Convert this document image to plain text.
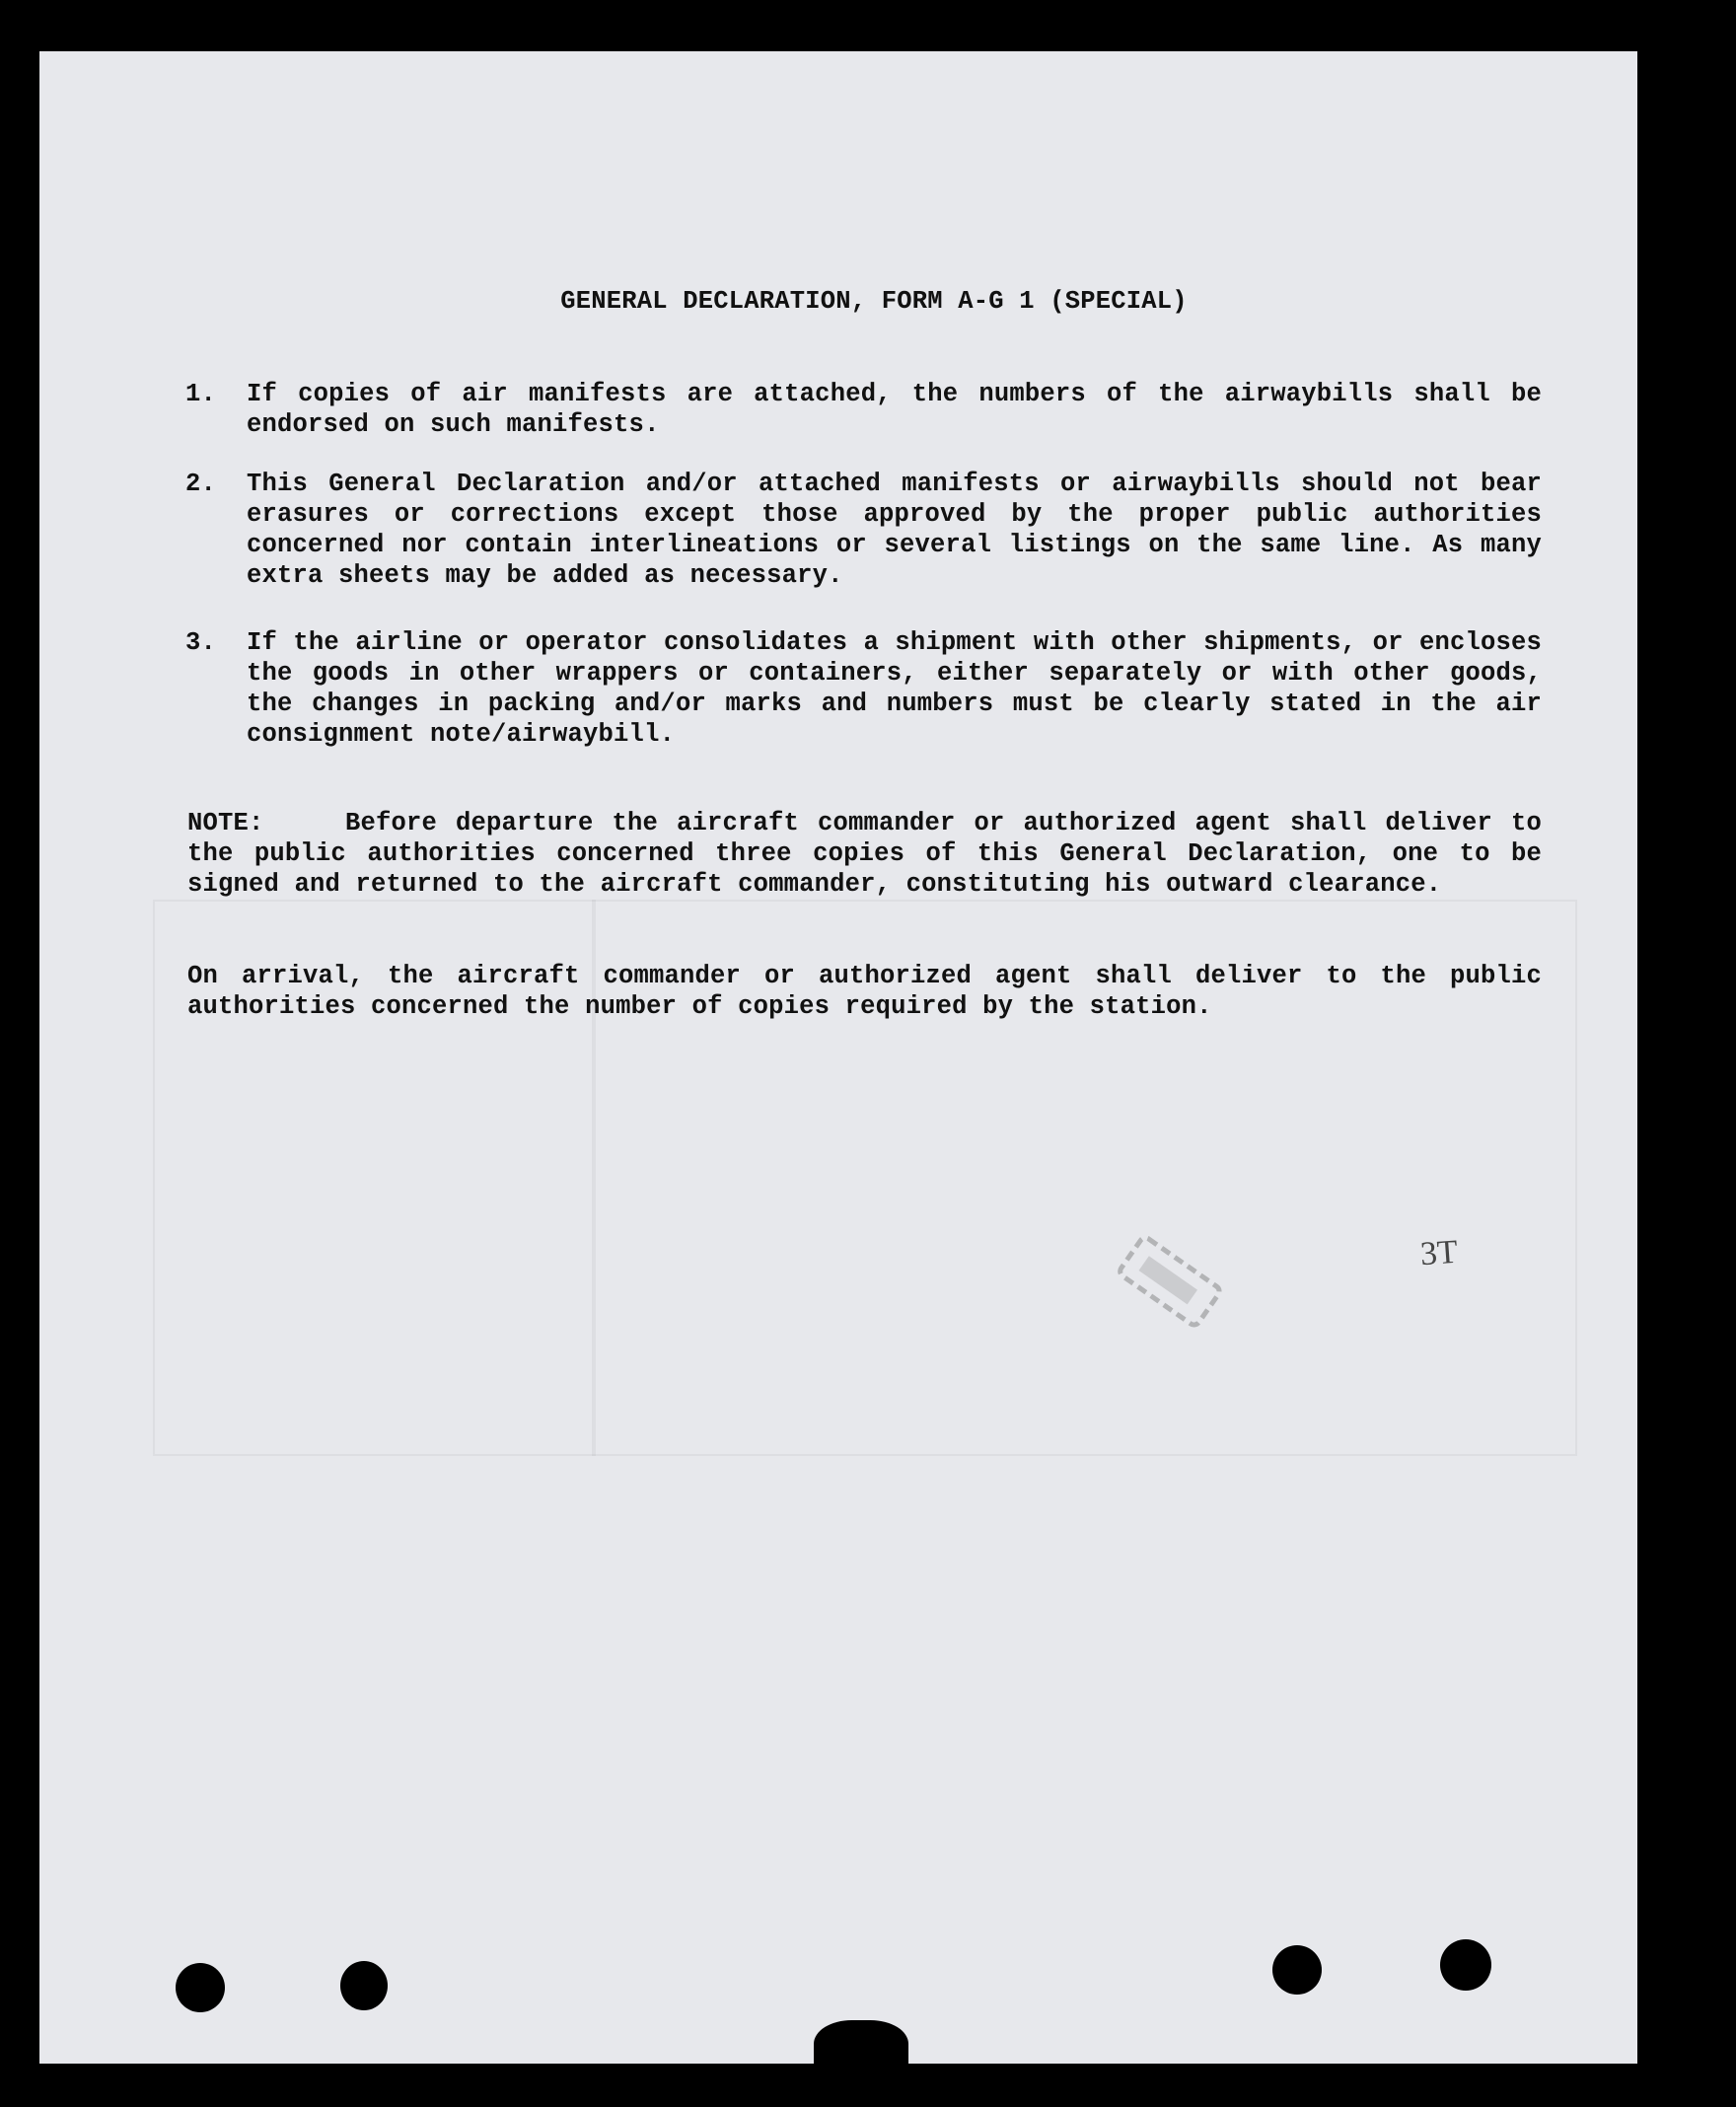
GENERAL DECLARATION, FORM A-G 1 (SPECIAL)
1.	If copies of air manifests are attached, the numbers of the airwaybills shall be endorsed on such manifests.
2.	This General Declaration and/or attached manifests or airwaybills should not bear erasures or corrections except those approved by the proper public authorities concerned nor contain interlineations or several listings on the same line. As many extra sheets may be added as necessary.
3.	If the airline or operator consolidates a shipment with other shipments, or encloses the goods in other wrappers or containers, either separately or with other goods, the changes in packing and/or marks and numbers must be clearly stated in the air consignment note/airwaybill.
NOTE:	Before departure the aircraft commander or authorized agent shall deliver to the public authorities concerned three copies of this General Declaration, one to be signed and returned to the aircraft commander, constituting his outward clearance.
On arrival, the aircraft commander or authorized agent shall deliver to the public authorities concerned the number of copies required by the station.
3T
